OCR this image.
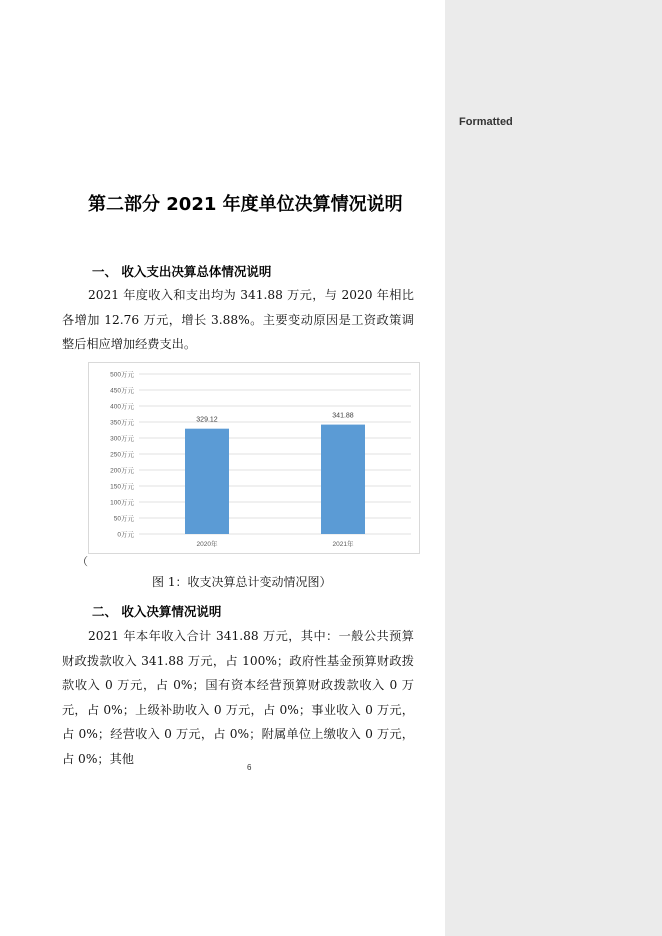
Formatted
第二部分 2021 年度单位决算情况说明
一、 收入支出决算总体情况说明
2021 年度收入和支出均为 341.88 万元，与 2020 年相比各增加 12.76 万元，增长 3.88%。主要变动原因是工资政策调整后相应增加经费支出。
0万元
50万元
100万元
150万元
200万元
250万元
300万元
350万元
400万元
450万元
500万元
329.12
2020年
341.88
2021年
（
图 1：收支决算总计变动情况图）
二、 收入决算情况说明
2021 年本年收入合计 341.88 万元，其中：一般公共预算财政拨款收入 341.88 万元，占 100%；政府性基金预算财政拨款收入 0 万元，占 0%；国有资本经营预算财政拨款收入 0 万元，占 0%；上级补助收入 0 万元，占 0%；事业收入 0 万元，占 0%；经营收入 0 万元，占 0%；附属单位上缴收入 0 万元，占 0%；其他
6
